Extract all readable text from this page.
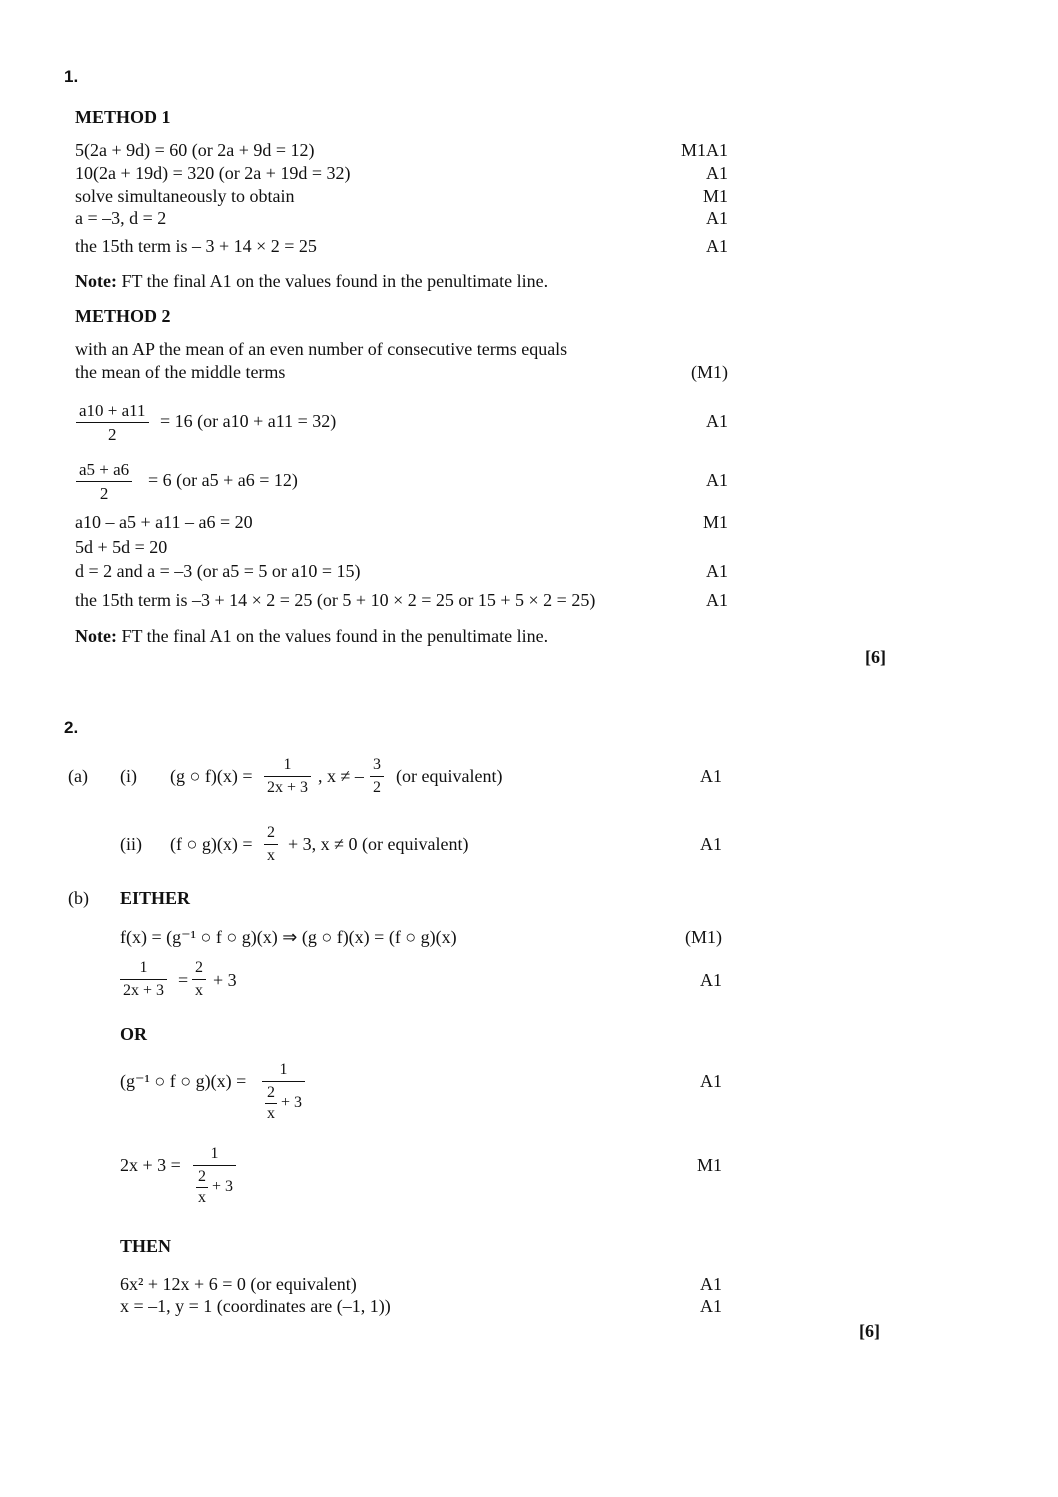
1.
METHOD 1
5(2a + 9d) = 60 (or 2a + 9d = 12)	M1A1
10(2a + 19d) = 320 (or 2a + 19d = 32)	A1
solve simultaneously to obtain	M1
a = –3, d = 2	A1
the 15th term is – 3 + 14 × 2 = 25	A1
Note: FT the final A1 on the values found in the penultimate line.
METHOD 2
with an AP the mean of an even number of consecutive terms equals
the mean of the middle terms	(M1)
$\frac{a10 + a11}{2} = 16$ (or a10 + a11 = 32)	A1
$\frac{a5 + a6}{2} = 6$ (or a5 + a6 = 12)	A1
a10 – a5 + a11 – a6 = 20	M1
5d + 5d = 20
d = 2 and a = –3 (or a5 = 5 or a10 = 15)	A1
the 15th term is –3 + 14 × 2 = 25 (or 5 + 10 × 2 = 25 or 15 + 5 × 2 = 25)	A1
Note: FT the final A1 on the values found in the penultimate line.
[6]
2.
(a) (i) (g ○ $f)(x) = \frac{1}{2x + 3}$ , x ≠ – $\frac{3}{2} (or$ equivalent)	A1
(ii) (f ○ $g)(x) = \frac{2}{x} + 3$, x ≠ 0 (or equivalent)	A1
(b) EITHER
f(x) = (g⁻¹ ○ f ○ g)(x) ⇒ (g ○ f)(x) = (f ○ g)(x)	(M1)
$\frac{1}{2x + 3} = \frac{2}{x} + 3$	A1
OR
(g⁻¹ ○ f ○ $g)(x) = \frac{1}{\frac{2}{x} + 3}$	A1
$2x + 3 = \frac{1}{\frac{2}{x} + 3}$	M1
THEN
6x² + 12x + 6 = 0 (or equivalent)	A1
x = –1, y = 1 (coordinates are (–1, 1))	A1
[6]
